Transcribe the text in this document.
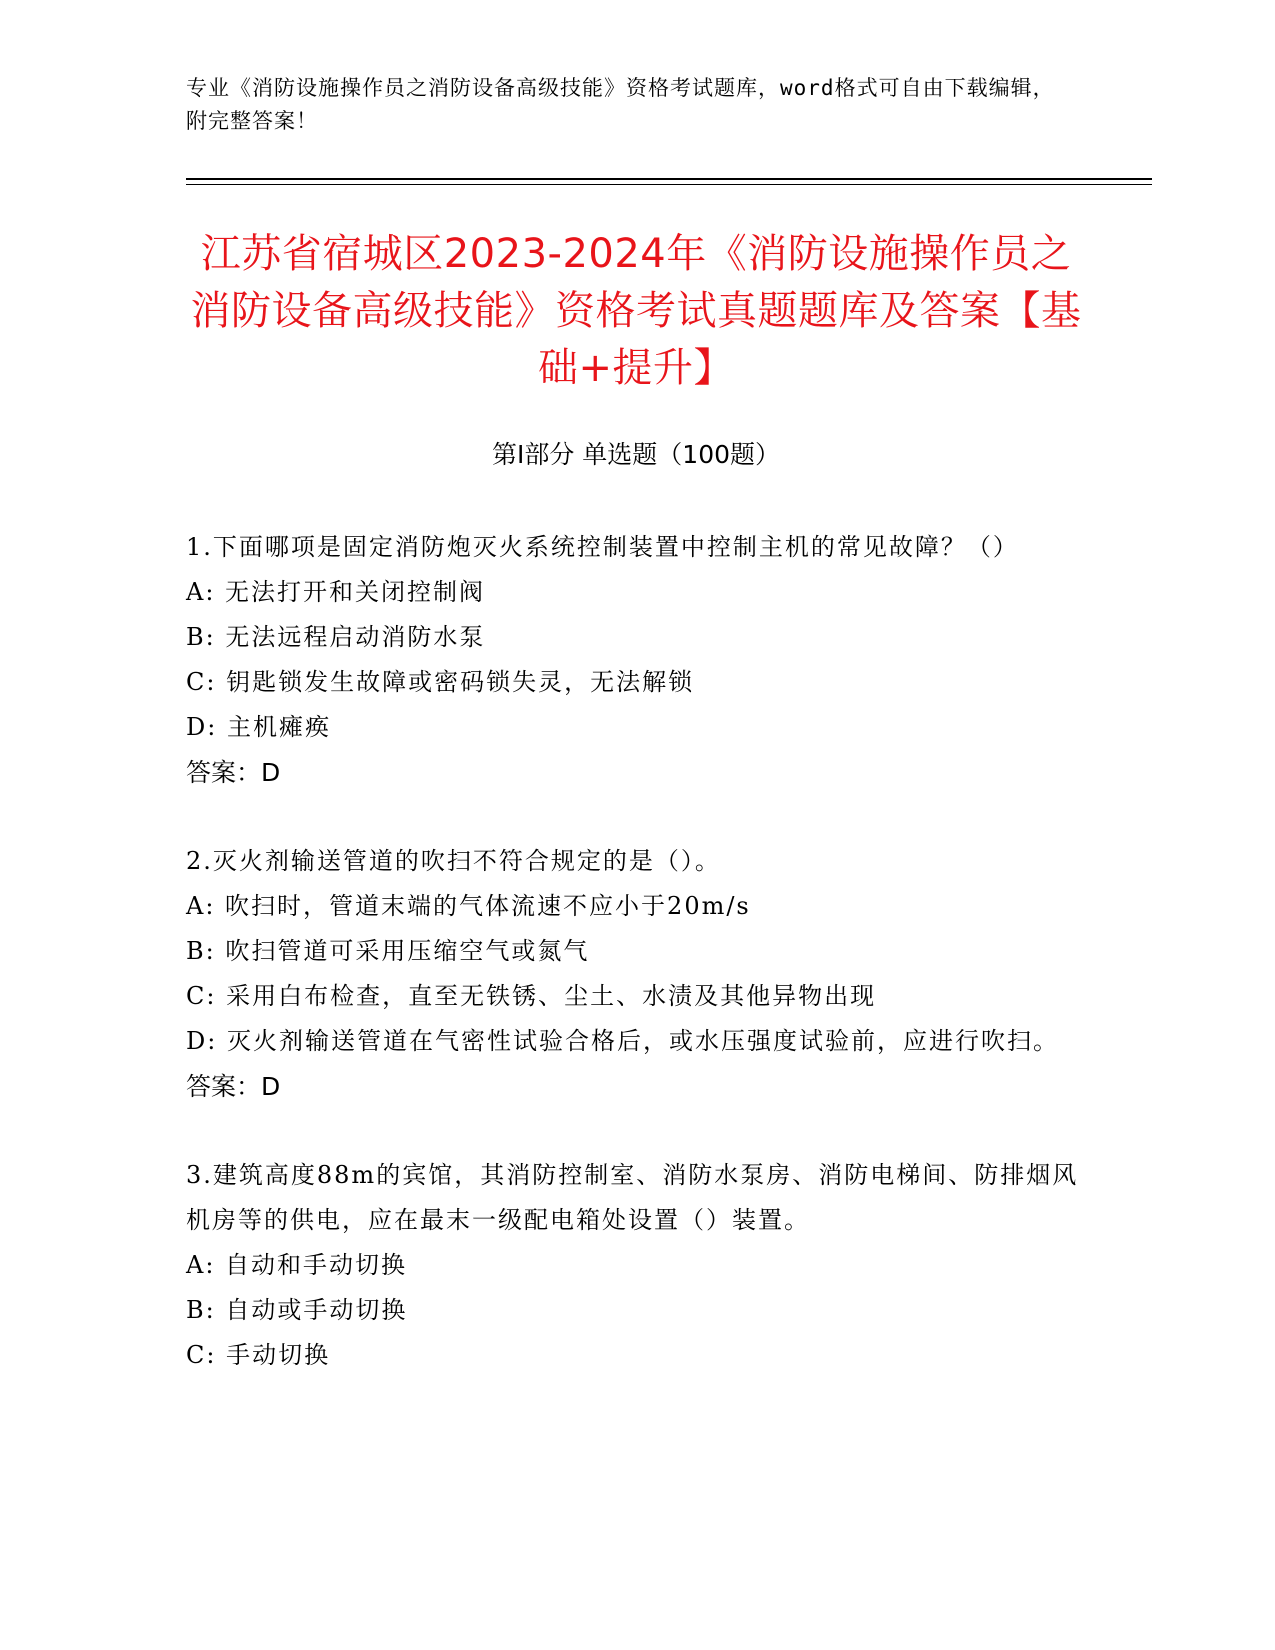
专业《消防设施操作员之消防设备高级技能》资格考试题库，word格式可自由下载编辑，附完整答案！
江苏省宿城区2023-2024年《消防设施操作员之消防设备高级技能》资格考试真题题库及答案【基础+提升】
第Ⅰ部分 单选题（100题）
1.下面哪项是固定消防炮灭火系统控制装置中控制主机的常见故障？（）
A: 无法打开和关闭控制阀
B: 无法远程启动消防水泵
C: 钥匙锁发生故障或密码锁失灵，无法解锁
D: 主机瘫痪
答案：D
2.灭火剂输送管道的吹扫不符合规定的是（）。
A: 吹扫时，管道末端的气体流速不应小于20m/s
B: 吹扫管道可采用压缩空气或氮气
C: 采用白布检查，直至无铁锈、尘土、水渍及其他异物出现
D: 灭火剂输送管道在气密性试验合格后，或水压强度试验前，应进行吹扫。
答案：D
3.建筑高度88m的宾馆，其消防控制室、消防水泵房、消防电梯间、防排烟风机房等的供电，应在最末一级配电箱处设置（）装置。
A: 自动和手动切换
B: 自动或手动切换
C: 手动切换
